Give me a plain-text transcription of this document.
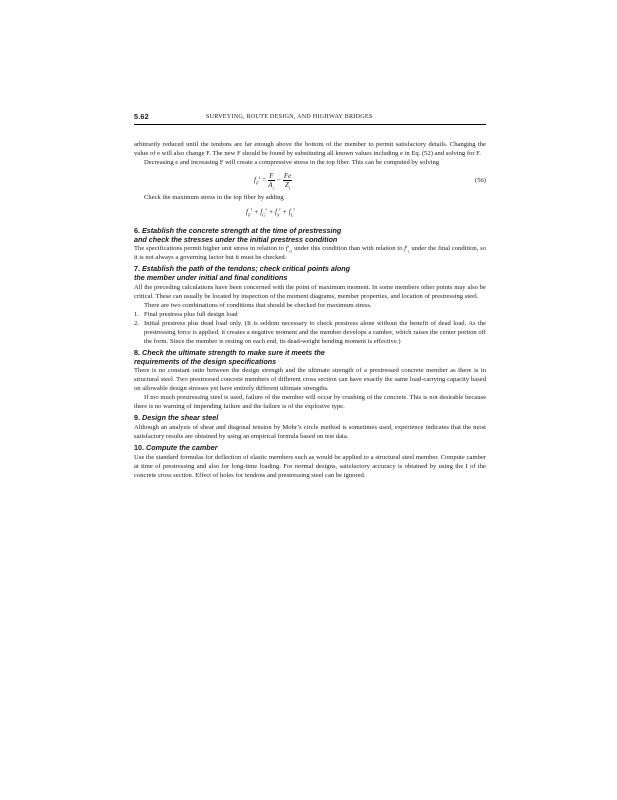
5.62	SURVEYING, ROUTE DESIGN, AND HIGHWAY BRIDGES

arbitrarily reduced until the tendons are far enough above the bottom of the member to permit satisfactory details. Changing the value of e will also change F. The new F should be found by substituting all known values including e in Eq. (52) and solving for F.

Decreasing e and increasing F will create a compressive stress in the top fiber. This can be computed by solving

$f_F^t = \frac{F}{A_c} - \frac{Fe}{Z_t}$	(56)

Check the maximum stress in the top fiber by adding

$f_F^t + f_G^t + f_S^t + f_L^t$
6. Establish the concrete strength at the time of prestressing
and check the stresses under the initial prestress condition

The specifications permit higher unit stress in relation to $f'_{ci}$ under this condition than with relation to $f'_c$ under the final condition, so it is not always a governing factor but it must be checked.

7. Establish the path of the tendons; check critical points along
the member under initial and final conditions

All the preceding calculations have been concerned with the point of maximum moment. In some members other points may also be critical. These can usually be located by inspection of the moment diagrams, member properties, and location of prestressing steel.

There are two combinations of conditions that should be checked for maximum stress.

1. Final prestress plus full design load
2. Initial prestress plus dead load only. (It is seldom necessary to check prestress alone without the benefit of dead load. As the prestressing force is applied, it creates a negative moment and the member develops a camber, which raises the center portion off the form. Since the member is resting on each end, its dead-weight bending moment is effective.)
8. Check the ultimate strength to make sure it meets the
requirements of the design specifications

There is no constant ratio between the design strength and the ultimate strength of a prestressed concrete member as there is in structural steel. Two prestressed concrete members of different cross section can have exactly the same load-carrying capacity based on allowable design stresses yet have entirely different ultimate strengths.

If too much prestressing steel is used, failure of the member will occur by crushing of the concrete. This is not desirable because there is no warning of impending failure and the failure is of the explosive type.

9. Design the shear steel

Although an analysis of shear and diagonal tension by Mohr’s circle method is sometimes used, experience indicates that the most satisfactory results are obtained by using an empirical formula based on test data.

10. Compute the camber

Use the standard formulas for deflection of elastic members such as would be applied to a structural steel member. Compute camber at time of prestressing and also for long-time loading. For normal designs, satisfactory accuracy is obtained by using the I of the concrete cross section. Effect of holes for tendons and prestressing steel can be ignored.
